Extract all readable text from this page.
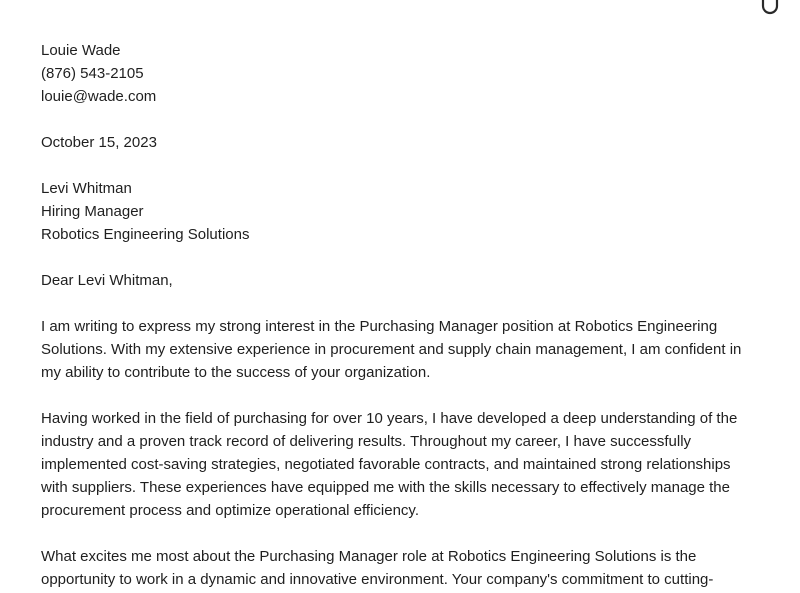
Louie Wade
(876) 543-2105
louie@wade.com
October 15, 2023
Levi Whitman
Hiring Manager
Robotics Engineering Solutions
Dear Levi Whitman,
I am writing to express my strong interest in the Purchasing Manager position at Robotics Engineering
Solutions. With my extensive experience in procurement and supply chain management, I am confident in
my ability to contribute to the success of your organization.
Having worked in the field of purchasing for over 10 years, I have developed a deep understanding of the
industry and a proven track record of delivering results. Throughout my career, I have successfully
implemented cost-saving strategies, negotiated favorable contracts, and maintained strong relationships
with suppliers. These experiences have equipped me with the skills necessary to effectively manage the
procurement process and optimize operational efficiency.
What excites me most about the Purchasing Manager role at Robotics Engineering Solutions is the
opportunity to work in a dynamic and innovative environment. Your company's commitment to cutting-
